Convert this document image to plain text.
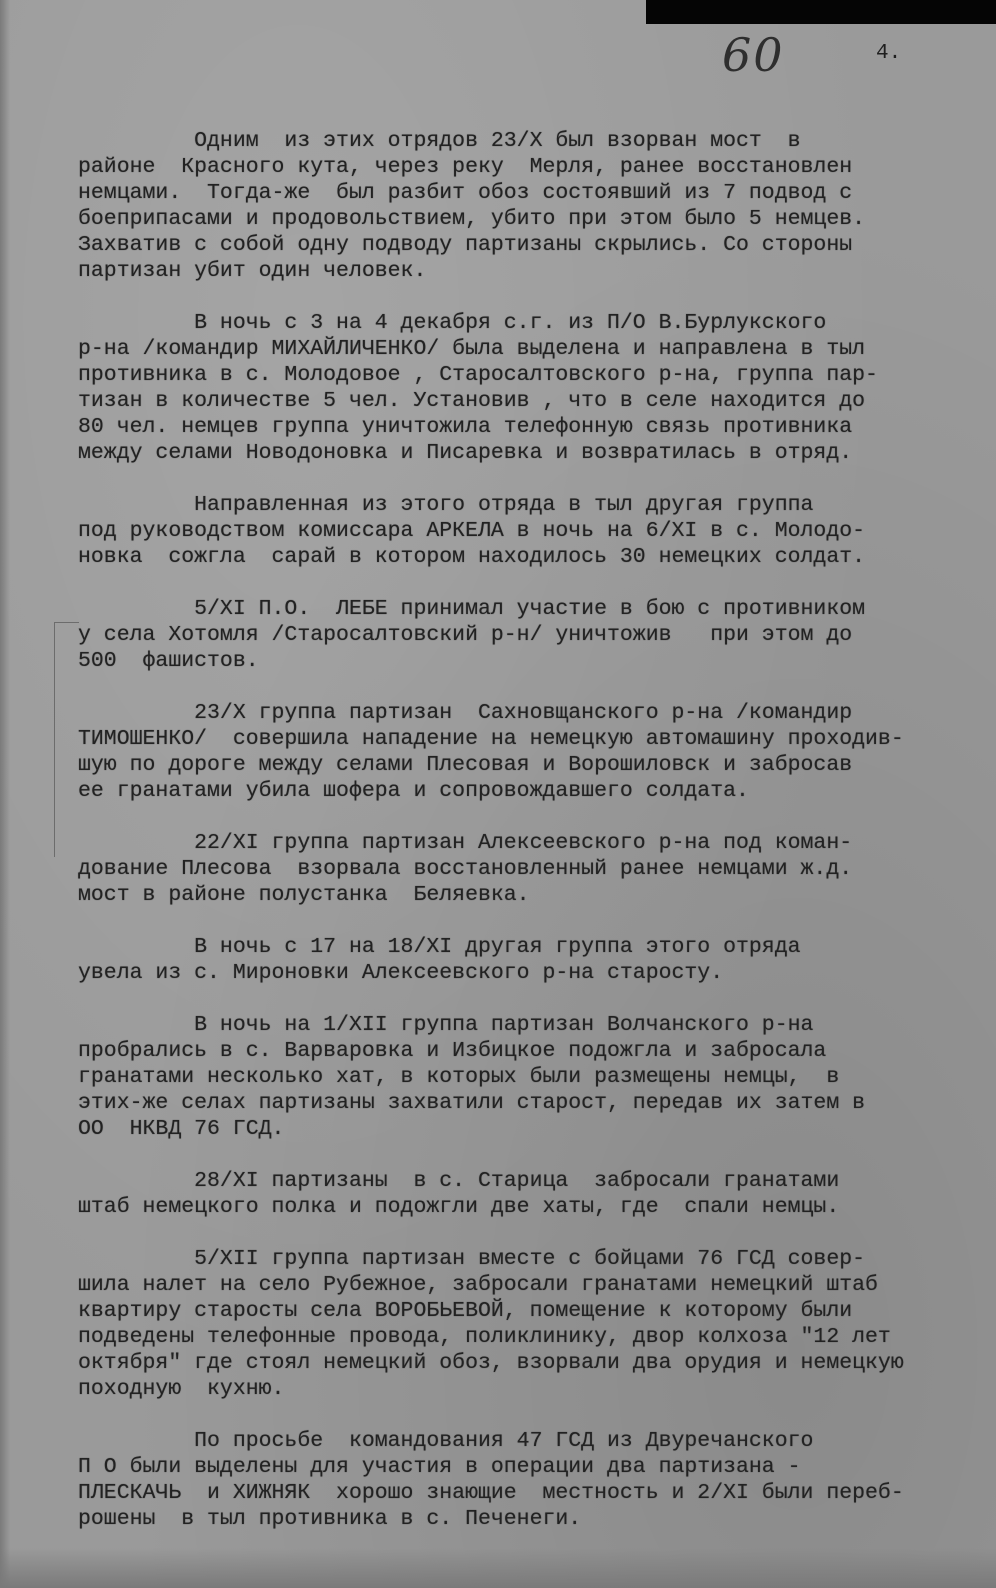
60	4.
Одним  из этих отрядов 23/Х был взорван мост  в
районе  Красного кута, через реку  Мерля, ранее восстановлен
немцами.  Тогда-же  был разбит обоз состоявший из 7 подвод с
боеприпасами и продовольствием, убито при этом было 5 немцев.
Захватив с собой одну подводу партизаны скрылись. Со стороны
партизан убит один человек.
В ночь с 3 на 4 декабря с.г. из П/О В.Бурлукского
р-на /командир МИХАЙЛИЧЕНКО/ была выделена и направлена в тыл
противника в с. Молодовое , Старосалтовского р-на, группа пар-
тизан в количестве 5 чел. Установив , что в селе находится до
80 чел. немцев группа уничтожила телефонную связь противника
между селами Новодоновка и Писаревка и возвратилась в отряд.
Направленная из этого отряда в тыл другая группа
под руководством комиссара АРКЕЛА в ночь на 6/XI в с. Молодо-
новка  сожгла  сарай в котором находилось 30 немецких солдат.
5/XI П.О.  ЛЕБЕ принимал участие в бою с противником
у села Хотомля /Старосалтовский р-н/ уничтожив   при этом до
500  фашистов.
23/Х группа партизан  Сахновщанского р-на /командир
ТИМОШЕНКО/  совершила нападение на немецкую автомашину проходив-
шую по дороге между селами Плесовая и Ворошиловск и забросав
ее гранатами убила шофера и сопровождавшего солдата.
22/XI группа партизан Алексеевского р-на под коман-
дование Плесова  взорвала восстановленный ранее немцами ж.д.
мост в районе полустанка  Беляевка.
В ночь с 17 на 18/XI другая группа этого отряда
увела из с. Мироновки Алексеевского р-на старосту.
В ночь на 1/XII группа партизан Волчанского р-на
пробрались в с. Варваровка и Избицкое подожгла и забросала
гранатами несколько хат, в которых были размещены немцы,  в
этих-же селах партизаны захватили старост, передав их затем в
ОО  НКВД 76 ГСД.
28/XI партизаны  в с. Старица  забросали гранатами
штаб немецкого полка и подожгли две хаты, где  спали немцы.
5/XII группа партизан вместе с бойцами 76 ГСД совер-
шила налет на село Рубежное, забросали гранатами немецкий штаб
квартиру старосты села ВОРОБЬЕВОЙ, помещение к которому были
подведены телефонные провода, поликлинику, двор колхоза "12 лет
октября" где стоял немецкий обоз, взорвали два орудия и немецкую
походную  кухню.
По просьбе  командования 47 ГСД из Двуречанского
П О были выделены для участия в операции два партизана -
ПЛЕСКАЧЬ  и ХИЖНЯК  хорошо знающие  местность и 2/XI были переб-
рошены  в тыл противника в с. Печенеги.
